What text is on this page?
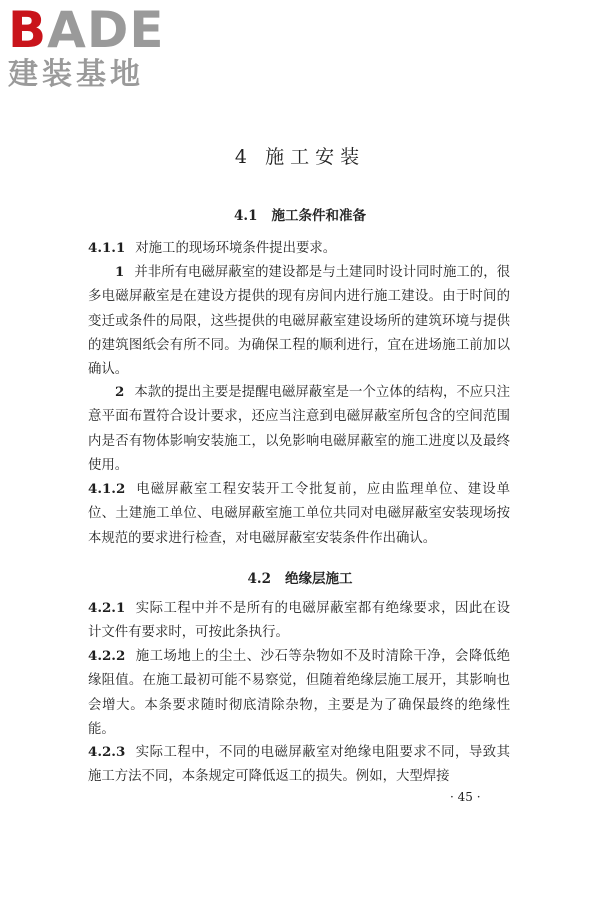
BADE
建装基地
4 施工安装
4.1 施工条件和准备
4.1.1 对施工的现场环境条件提出要求。
1 并非所有电磁屏蔽室的建设都是与土建同时设计同时施工的，很多电磁屏蔽室是在建设方提供的现有房间内进行施工建设。由于时间的变迁或条件的局限，这些提供的电磁屏蔽室建设场所的建筑环境与提供的建筑图纸会有所不同。为确保工程的顺利进行，宜在进场施工前加以确认。
2 本款的提出主要是提醒电磁屏蔽室是一个立体的结构，不应只注意平面布置符合设计要求，还应当注意到电磁屏蔽室所包含的空间范围内是否有物体影响安装施工，以免影响电磁屏蔽室的施工进度以及最终使用。
4.1.2 电磁屏蔽室工程安装开工令批复前，应由监理单位、建设单位、土建施工单位、电磁屏蔽室施工单位共同对电磁屏蔽室安装现场按本规范的要求进行检查，对电磁屏蔽室安装条件作出确认。
4.2 绝缘层施工
4.2.1 实际工程中并不是所有的电磁屏蔽室都有绝缘要求，因此在设计文件有要求时，可按此条执行。
4.2.2 施工场地上的尘土、沙石等杂物如不及时清除干净，会降低绝缘阻值。在施工最初可能不易察觉，但随着绝缘层施工展开，其影响也会增大。本条要求随时彻底清除杂物，主要是为了确保最终的绝缘性能。
4.2.3 实际工程中，不同的电磁屏蔽室对绝缘电阻要求不同，导致其施工方法不同，本条规定可降低返工的损失。例如，大型焊接
· 45 ·
